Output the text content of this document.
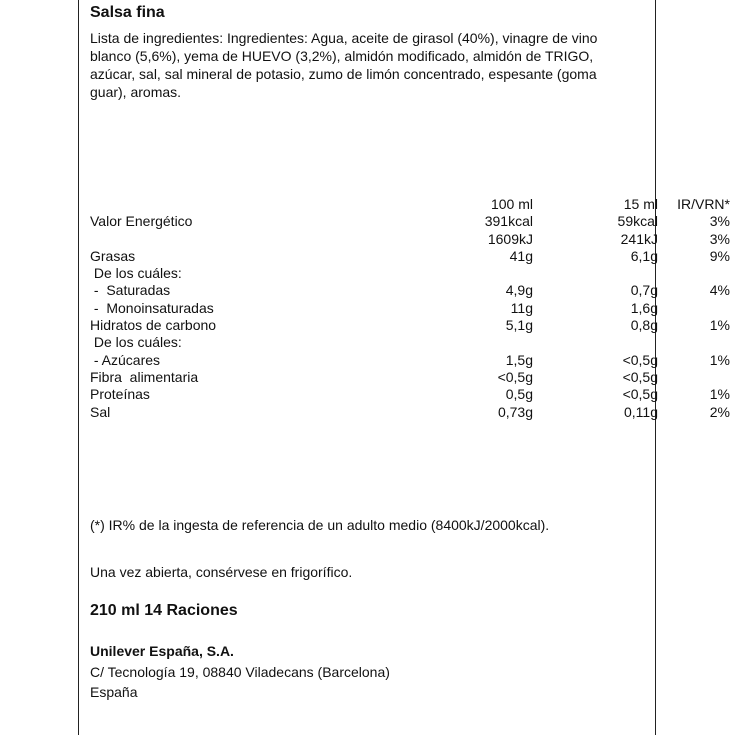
Salsa fina
Lista de ingredientes: Ingredientes: Agua, aceite de girasol (40%), vinagre de vino
blanco (5,6%), yema de HUEVO (3,2%), almidón modificado, almidón de TRIGO,
azúcar, sal, sal mineral de potasio, zumo de limón concentrado, espesante (goma
guar), aromas.
	100 ml	15 ml	IR/VRN*
Valor Energético	391kcal	59kcal	3%
	1609kJ	241kJ	3%
Grasas	41g	6,1g	9%
De los cuáles:			
-  Saturadas	4,9g	0,7g	4%
-  Monoinsaturadas	11g	1,6g	
Hidratos de carbono	5,1g	0,8g	1%
De los cuáles:			
- Azúcares	1,5g	<0,5g	1%
Fibra  alimentaria	<0,5g	<0,5g	
Proteínas	0,5g	<0,5g	1%
Sal	0,73g	0,11g	2%
(*) IR% de la ingesta de referencia de un adulto medio (8400kJ/2000kcal).
Una vez abierta, consérvese en frigorífico.
210 ml 14 Raciones
Unilever España, S.A.
C/ Tecnología 19, 08840 Viladecans (Barcelona)
España
